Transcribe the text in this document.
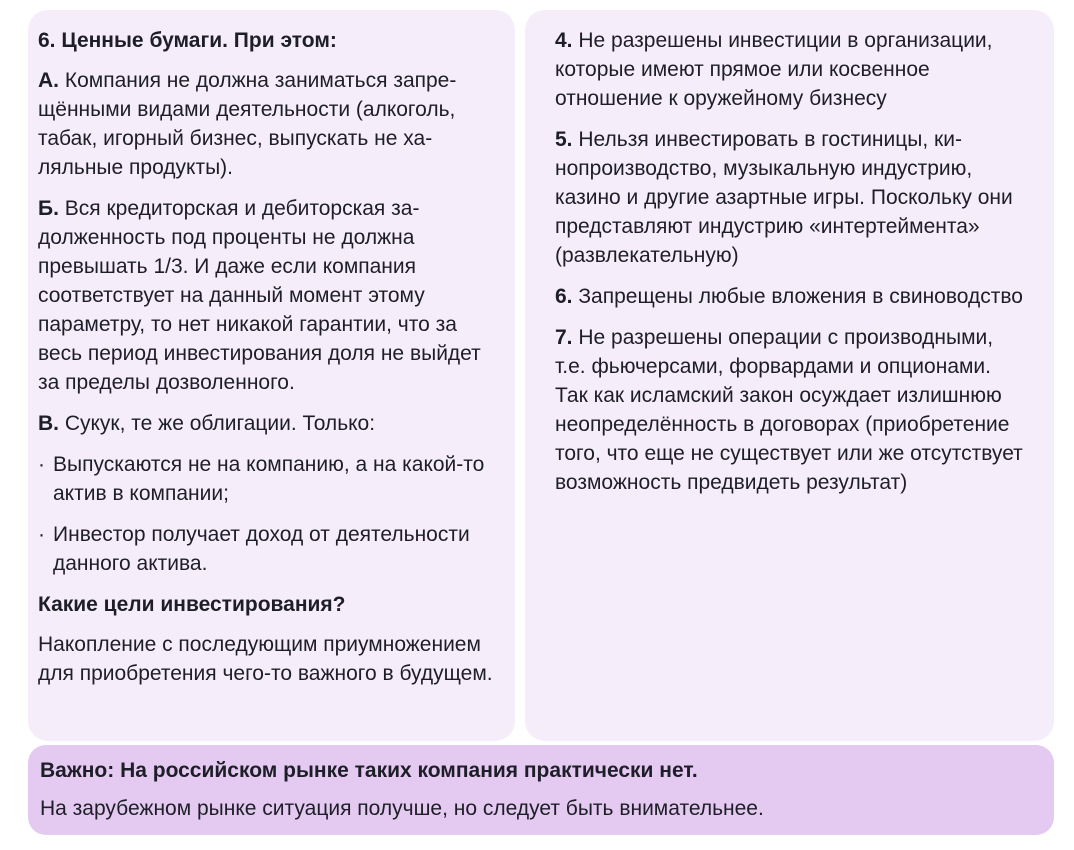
6. Ценные бумаги. При этом:

А. Компания не должна заниматься запрещёнными видами деятельности (алкоголь, табак, игорный бизнес, выпускать не халяльные продукты).

Б. Вся кредиторская и дебиторская задолженность под проценты не должна превышать 1/3. И даже если компания соответствует на данный момент этому параметру, то нет никакой гарантии, что за весь период инвестирования доля не выйдет за пределы дозволенного.

В. Сукук, те же облигации. Только:

· Выпускаются не на компанию, а на какой-то актив в компании;
· Инвестор получает доход от деятельности данного актива.
Какие цели инвестирования?

Накопление с последующим приумножением для приобретения чего-то важного в будущем.

4. Не разрешены инвестиции в организации, которые имеют прямое или косвенное отношение к оружейному бизнесу

5. Нельзя инвестировать в гостиницы, кинопроизводство, музыкальную индустрию, казино и другие азартные игры. Поскольку они представляют индустрию «интертеймента» (развлекательную)

6. Запрещены любые вложения в свиноводство

7. Не разрешены операции с производными, т.е. фьючерсами, форвардами и опционами. Так как исламский закон осуждает излишнюю неопределённость в договорах (приобретение того, что еще не существует или же отсутствует возможность предвидеть результат)

Важно: На российском рынке таких компания практически нет.

На зарубежном рынке ситуация получше, но следует быть внимательнее.
